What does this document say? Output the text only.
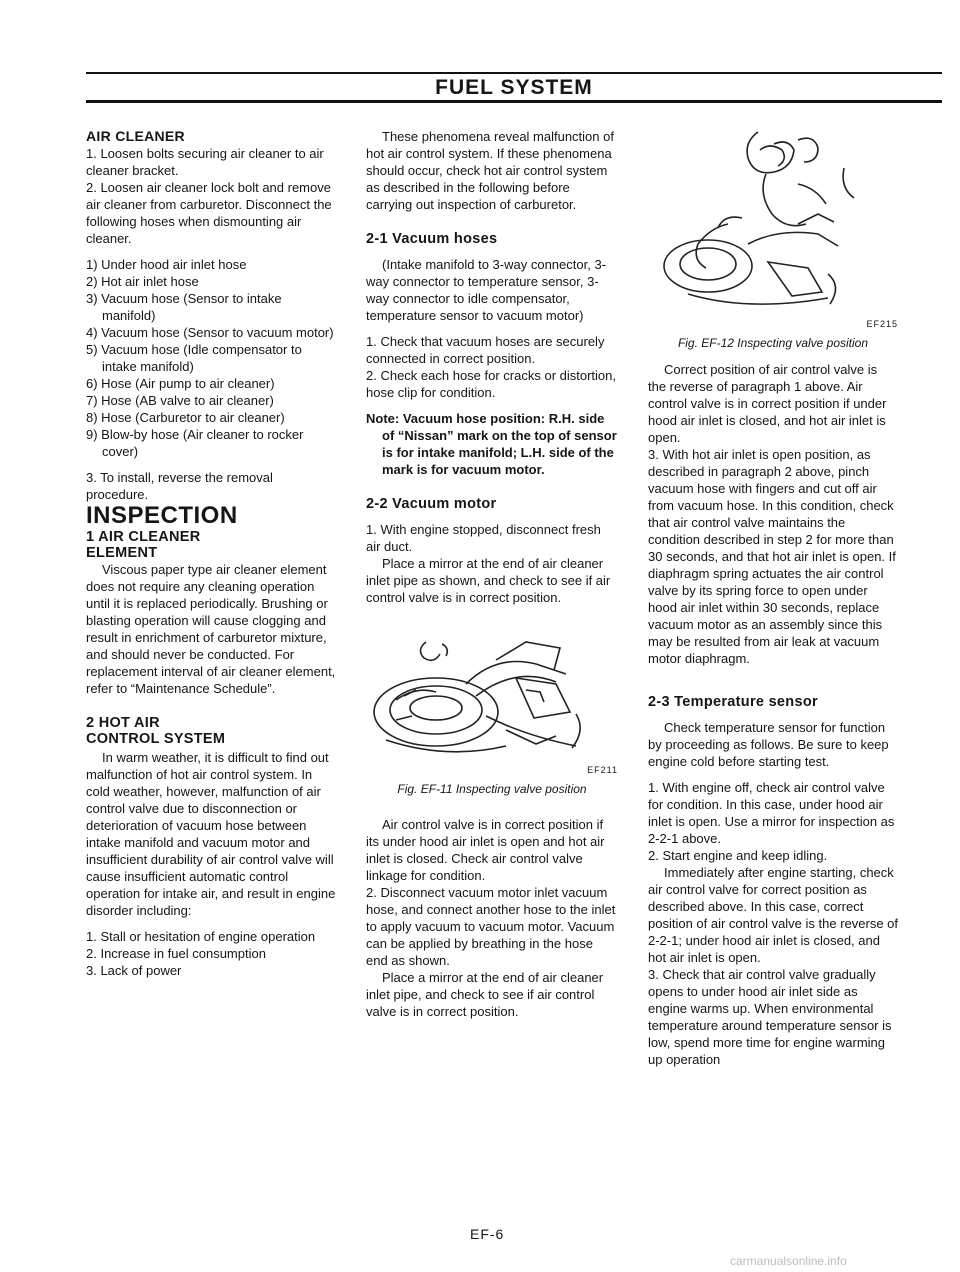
FUEL SYSTEM

AIR CLEANER

1. Loosen bolts securing air cleaner to air cleaner bracket.

2. Loosen air cleaner lock bolt and remove air cleaner from carburetor. Disconnect the following hoses when dismounting air cleaner.

1) Under hood air inlet hose

2) Hot air inlet hose

3) Vacuum hose (Sensor to intake manifold)

4) Vacuum hose (Sensor to vacuum motor)

5) Vacuum hose (Idle compensator to intake manifold)

6) Hose (Air pump to air cleaner)

7) Hose (AB valve to air cleaner)

8) Hose (Carburetor to air cleaner)

9) Blow-by hose (Air cleaner to rocker cover)

3. To install, reverse the removal procedure.

INSPECTION

1 AIR CLEANER ELEMENT

Viscous paper type air cleaner element does not require any cleaning operation until it is replaced periodically. Brushing or blasting operation will cause clogging and result in enrichment of carburetor mixture, and should never be conducted. For replacement interval of air cleaner element, refer to “Maintenance Schedule”.

2 HOT AIR CONTROL SYSTEM

In warm weather, it is difficult to find out malfunction of hot air control system. In cold weather, however, malfunction of air control valve due to disconnection or deterioration of vacuum hose between intake manifold and vacuum motor and insufficient durability of air control valve will cause insufficient automatic control operation for intake air, and result in engine disorder including:

1. Stall or hesitation of engine operation

2. Increase in fuel consumption

3. Lack of power

These phenomena reveal malfunction of hot air control system. If these phenomena should occur, check hot air control system as described in the following before carrying out inspection of carburetor.

2-1 Vacuum hoses

(Intake manifold to 3-way connector, 3-way connector to temperature sensor, 3-way connector to idle compensator, temperature sensor to vacuum motor)

1. Check that vacuum hoses are securely connected in correct position.

2. Check each hose for cracks or distortion, hose clip for condition.

Note: Vacuum hose position: R.H. side of “Nissan” mark on the top of sensor is for intake manifold; L.H. side of the mark is for vacuum motor.

2-2 Vacuum motor

1. With engine stopped, disconnect fresh air duct.

Place a mirror at the end of air cleaner inlet pipe as shown, and check to see if air control valve is in correct position.

EF211
Fig. EF-11 Inspecting valve position

Air control valve is in correct position if its under hood air inlet is open and hot air inlet is closed. Check air control valve linkage for condition.

2. Disconnect vacuum motor inlet vacuum hose, and connect another hose to the inlet to apply vacuum to vacuum motor. Vacuum can be applied by breathing in the hose end as shown.

Place a mirror at the end of air cleaner inlet pipe, and check to see if air control valve is in correct position.

EF215
Fig. EF-12 Inspecting valve position

Correct position of air control valve is the reverse of paragraph 1 above. Air control valve is in correct position if under hood air inlet is closed, and hot air inlet is open.

3. With hot air inlet is open position, as described in paragraph 2 above, pinch vacuum hose with fingers and cut off air from vacuum hose. In this condition, check that air control valve maintains the condition described in step 2 for more than 30 seconds, and that hot air inlet is open. If diaphragm spring actuates the air control valve by its spring force to open under hood air inlet within 30 seconds, replace vacuum motor as an assembly since this may be resulted from air leak at vacuum motor diaphragm.

2-3 Temperature sensor

Check temperature sensor for function by proceeding as follows. Be sure to keep engine cold before starting test.

1. With engine off, check air control valve for condition. In this case, under hood air inlet is open. Use a mirror for inspection as 2-2-1 above.

2. Start engine and keep idling.

Immediately after engine starting, check air control valve for correct position as described above. In this case, correct position of air control valve is the reverse of 2-2-1; under hood air inlet is closed, and hot air inlet is open.

3. Check that air control valve gradually opens to under hood air inlet side as engine warms up. When environmental temperature around temperature sensor is low, spend more time for engine warming up operation

EF-6
carmanualsonline.info
